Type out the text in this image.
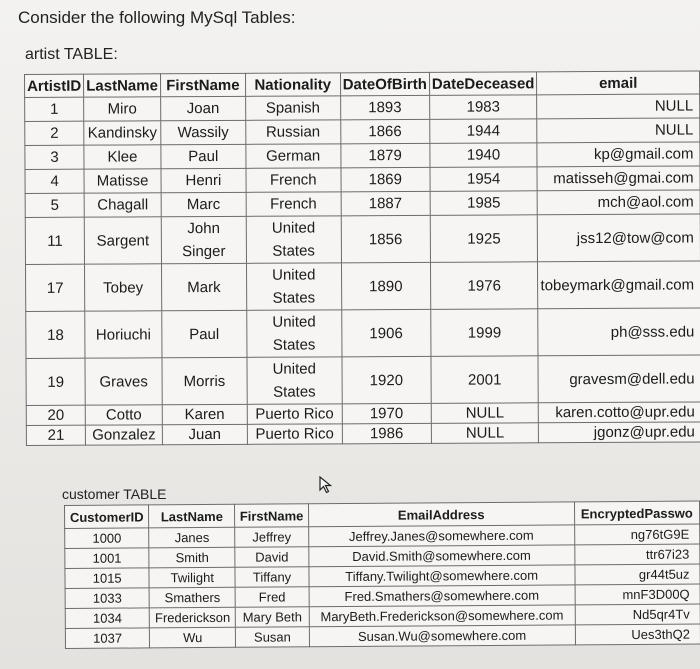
Consider the following MySql Tables:
artist TABLE:
ArtistID	LastName	FirstName	Nationality	DateOfBirth	DateDeceased	email
1	Miro	Joan	Spanish	1893	1983	NULL
2	Kandinsky	Wassily	Russian	1866	1944	NULL
3	Klee	Paul	German	1879	1940	kp@gmail.com
4	Matisse	Henri	French	1869	1954	matisseh@gmai.com
5	Chagall	Marc	French	1887	1985	mch@aol.com
11	Sargent	John Singer	United States	1856	1925	jss12@tow@com
17	Tobey	Mark	United States	1890	1976	tobeymark@gmail.com
18	Horiuchi	Paul	United States	1906	1999	ph@sss.edu
19	Graves	Morris	United States	1920	2001	gravesm@dell.edu
20	Cotto	Karen	Puerto Rico	1970	NULL	karen.cotto@upr.edu
21	Gonzalez	Juan	Puerto Rico	1986	NULL	jgonz@upr.edu
customer TABLE
CustomerID	LastName	FirstName	EmailAddress	EncryptedPasswo
1000	Janes	Jeffrey	Jeffrey.Janes@somewhere.com	ng76tG9E
1001	Smith	David	David.Smith@somewhere.com	ttr67i23
1015	Twilight	Tiffany	Tiffany.Twilight@somewhere.com	gr44t5uz
1033	Smathers	Fred	Fred.Smathers@somewhere.com	mnF3D00Q
1034	Frederickson	Mary Beth	MaryBeth.Frederickson@somewhere.com	Nd5qr4Tv
1037	Wu	Susan	Susan.Wu@somewhere.com	Ues3thQ2
